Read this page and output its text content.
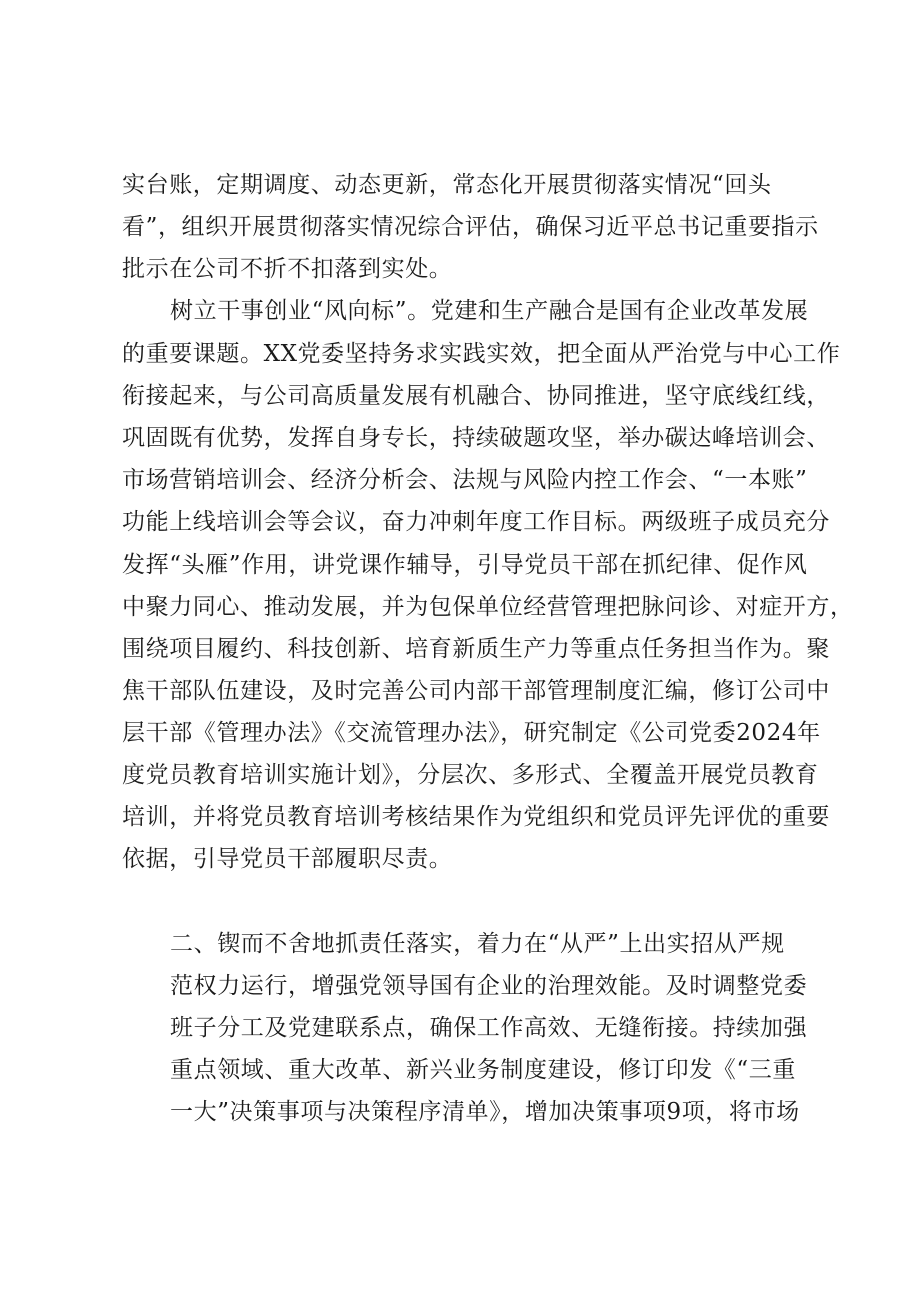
实台账，定期调度、动态更新，常态化开展贯彻落实情况“回头
看”，组织开展贯彻落实情况综合评估，确保习近平总书记重要指示
批示在公司不折不扣落到实处。
树立干事创业“风向标”。党建和生产融合是国有企业改革发展
的重要课题。XX党委坚持务求实践实效，把全面从严治党与中心工作
衔接起来，与公司高质量发展有机融合、协同推进，坚守底线红线，
巩固既有优势，发挥自身专长，持续破题攻坚，举办碳达峰培训会、
市场营销培训会、经济分析会、法规与风险内控工作会、“一本账”
功能上线培训会等会议，奋力冲刺年度工作目标。两级班子成员充分
发挥“头雁”作用，讲党课作辅导，引导党员干部在抓纪律、促作风
中聚力同心、推动发展，并为包保单位经营管理把脉问诊、对症开方，
围绕项目履约、科技创新、培育新质生产力等重点任务担当作为。聚
焦干部队伍建设，及时完善公司内部干部管理制度汇编，修订公司中
层干部《管理办法》《交流管理办法》，研究制定《公司党委2024年
度党员教育培训实施计划》，分层次、多形式、全覆盖开展党员教育
培训，并将党员教育培训考核结果作为党组织和党员评先评优的重要
依据，引导党员干部履职尽责。
二、锲而不舍地抓责任落实，着力在“从严”上出实招从严规
范权力运行，增强党领导国有企业的治理效能。及时调整党委
班子分工及党建联系点，确保工作高效、无缝衔接。持续加强
重点领域、重大改革、新兴业务制度建设，修订印发《“三重
一大”决策事项与决策程序清单》，增加决策事项9项，将市场
